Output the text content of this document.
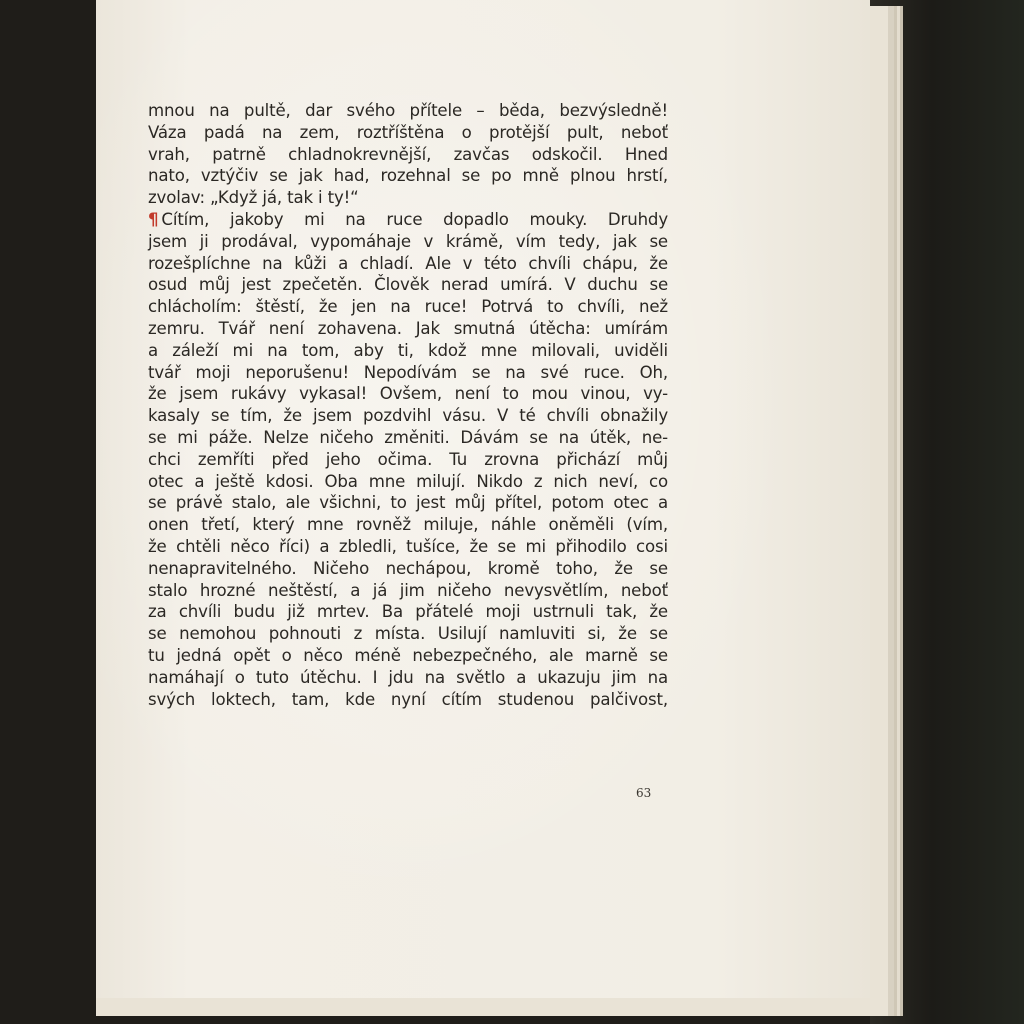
mnou na pultě, dar svého přítele – běda, bezvýsledně!
Váza padá na zem, roztříštěna o protější pult, neboť
vrah, patrně chladnokrevnější, zavčas odskočil. Hned
nato, vztýčiv se jak had, rozehnal se po mně plnou hrstí,
zvolav: „Když já, tak i ty!“
¶ Cítím, jakoby mi na ruce dopadlo mouky. Druhdy
jsem ji prodával, vypomáhaje v krámě, vím tedy, jak se
rozešplíchne na kůži a chladí. Ale v této chvíli chápu, že
osud můj jest zpečetěn. Člověk nerad umírá. V duchu se
chlácholím: štěstí, že jen na ruce! Potrvá to chvíli, než
zemru. Tvář není zohavena. Jak smutná útěcha: umírám
a záleží mi na tom, aby ti, kdož mne milovali, uviděli
tvář moji neporušenu! Nepodívám se na své ruce. Oh,
že jsem rukávy vykasal! Ovšem, není to mou vinou, vy-
kasaly se tím, že jsem pozdvihl vásu. V té chvíli obnažily
se mi páže. Nelze ničeho změniti. Dávám se na útěk, ne-
chci zemříti před jeho očima. Tu zrovna přichází můj
otec a ještě kdosi. Oba mne milují. Nikdo z nich neví, co
se právě stalo, ale všichni, to jest můj přítel, potom otec a
onen třetí, který mne rovněž miluje, náhle oněměli (vím,
že chtěli něco říci) a zbledli, tušíce, že se mi přihodilo cosi
nenapravitelného. Ničeho nechápou, kromě toho, že se
stalo hrozné neštěstí, a já jim ničeho nevysvětlím, neboť
za chvíli budu již mrtev. Ba přátelé moji ustrnuli tak, že
se nemohou pohnouti z místa. Usilují namluviti si, že se
tu jedná opět o něco méně nebezpečného, ale marně se
namáhají o tuto útěchu. I jdu na světlo a ukazuju jim na
svých loktech, tam, kde nyní cítím studenou palčivost,
63
